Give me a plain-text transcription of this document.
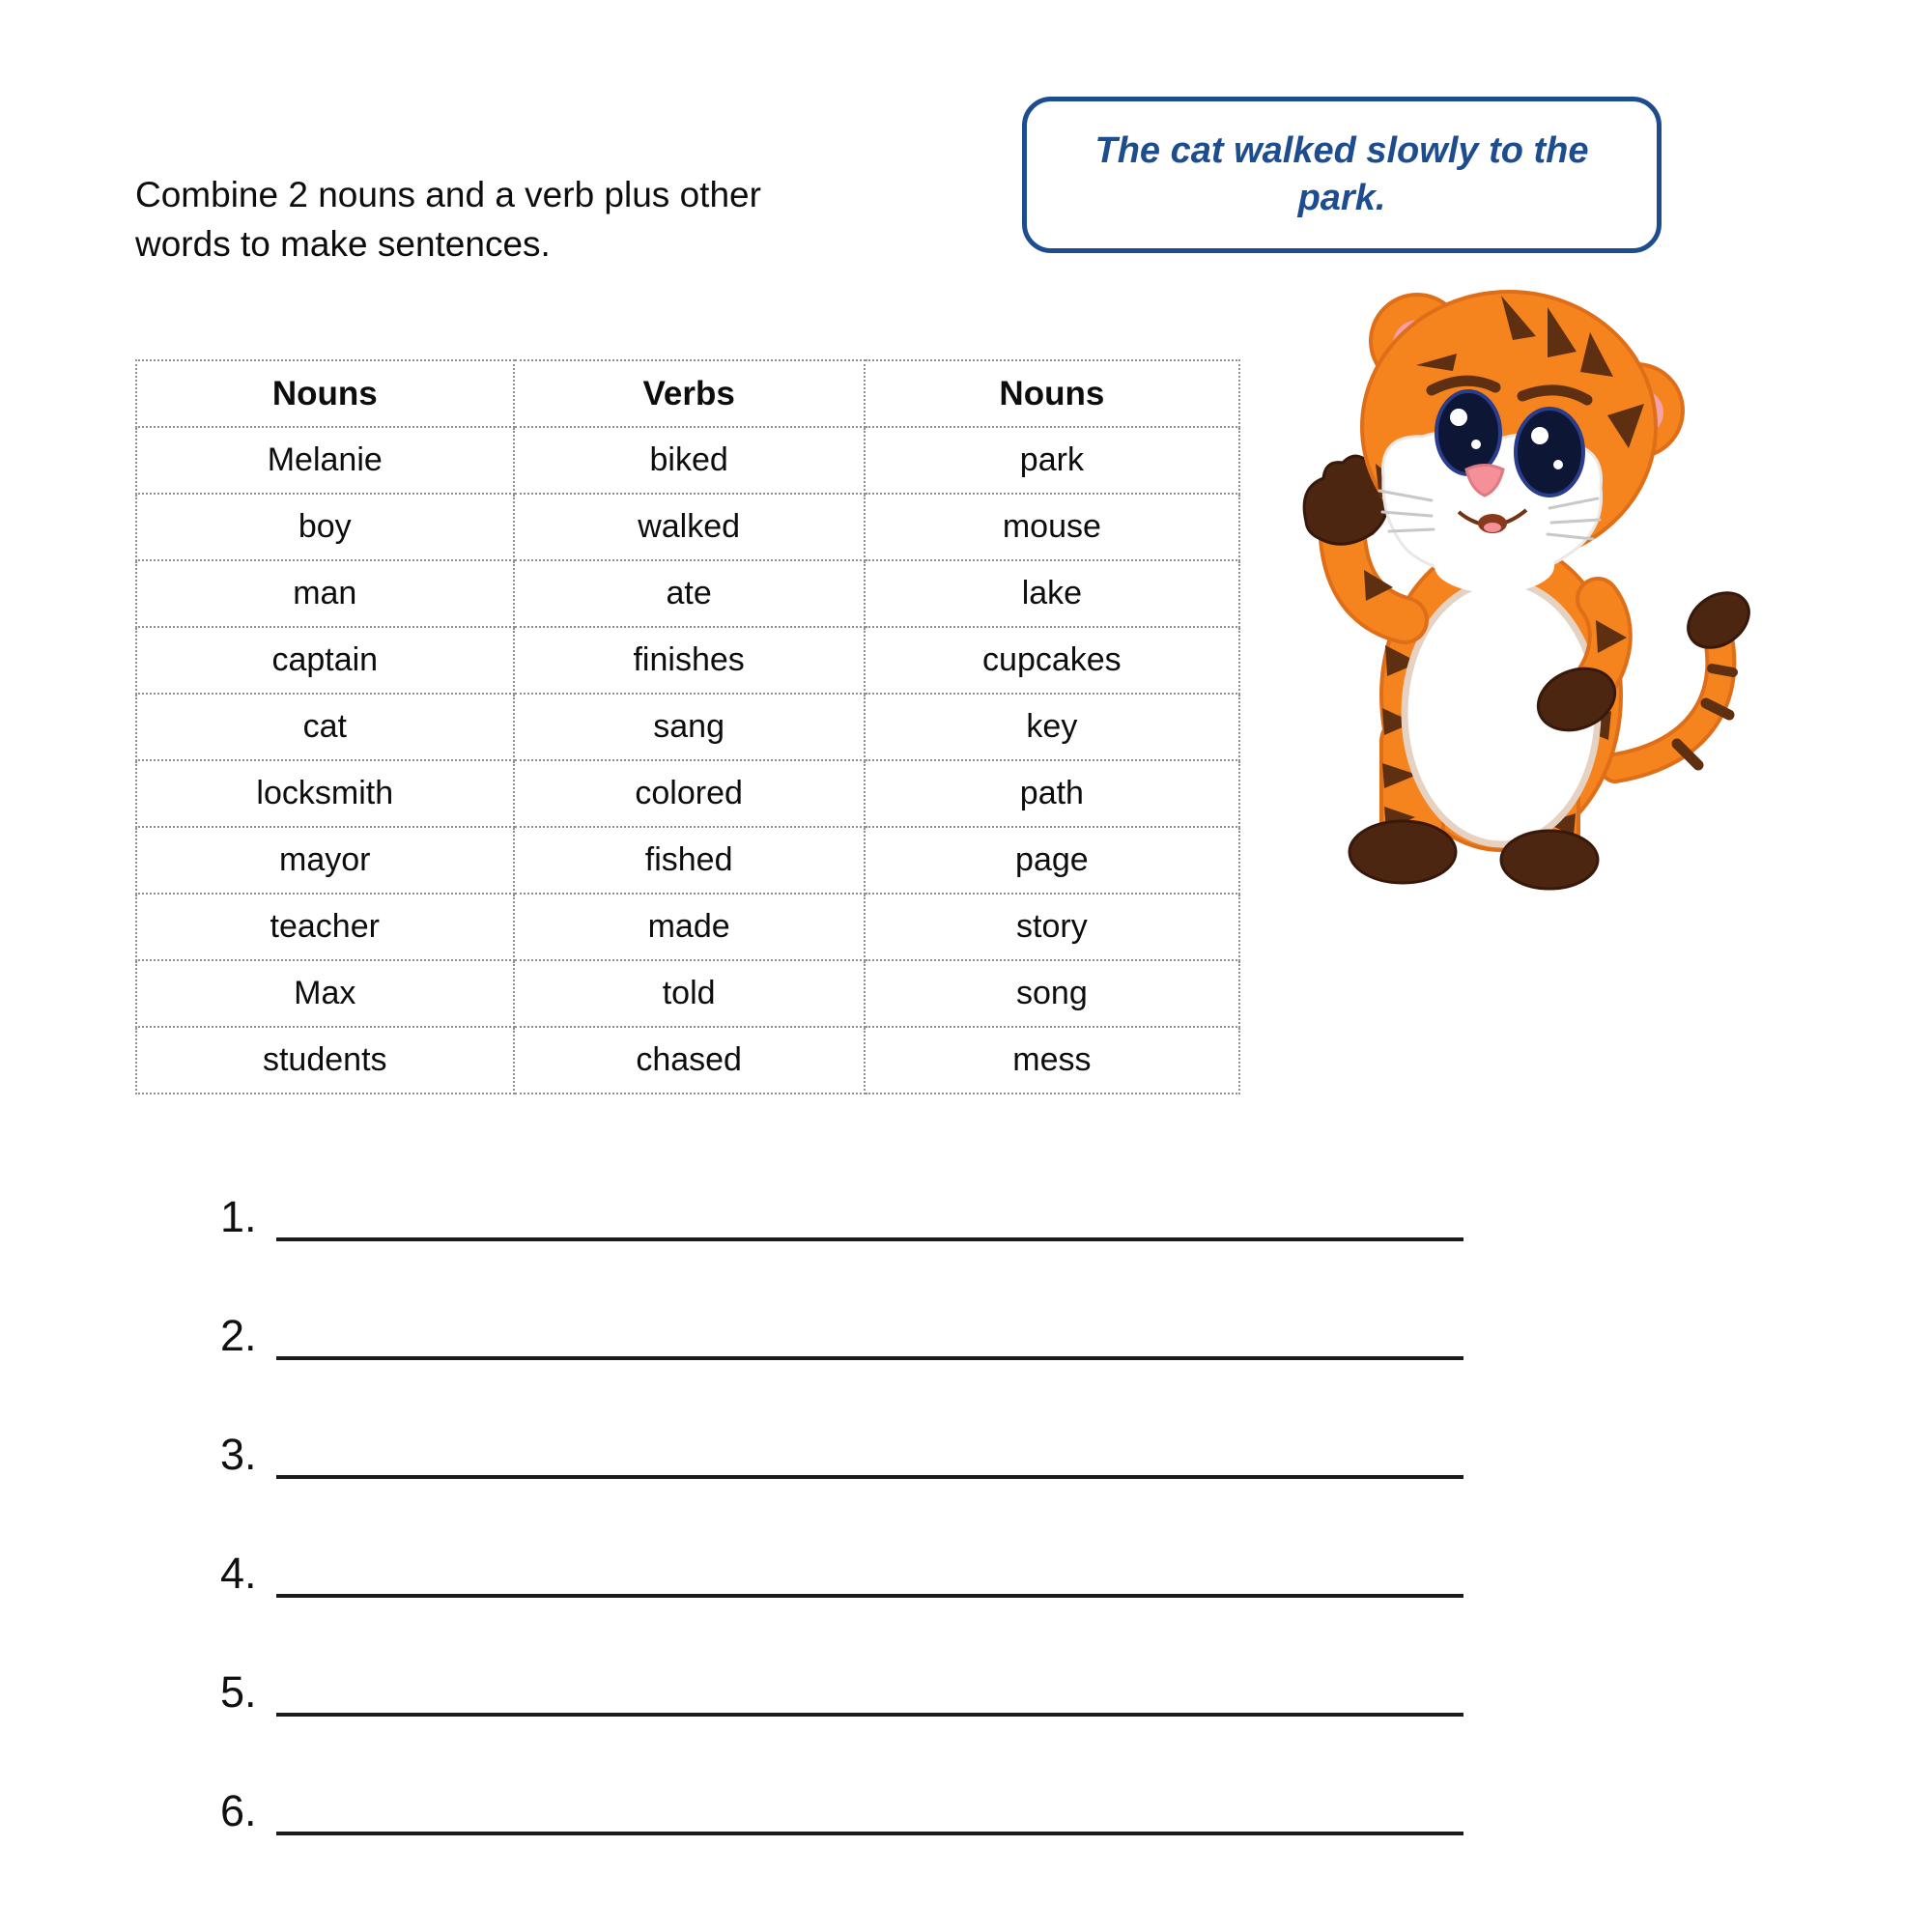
The cat walked slowly to the park.
Combine 2 nouns and a verb plus other
words to make sentences.
Nouns	Verbs	Nouns
Melanie	biked	park
boy	walked	mouse
man	ate	lake
captain	finishes	cupcakes
cat	sang	key
locksmith	colored	path
mayor	fished	page
teacher	made	story
Max	told	song
students	chased	mess
1.
2.
3.
4.
5.
6.
